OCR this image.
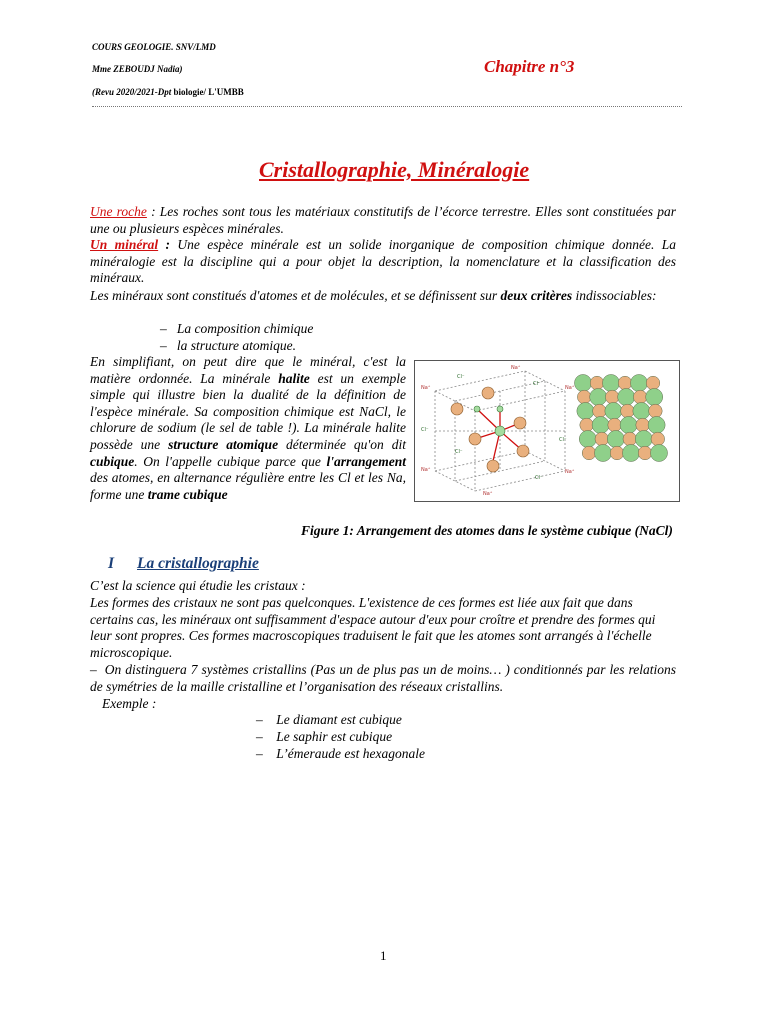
COURS GEOLOGIE. SNV/LMD
Mme ZEBOUDJ Nadia)
(Revu 2020/2021-Dpt biologie/ L'UMBB
Chapitre n°3
Cristallographie, Minéralogie
Une roche : Les roches sont tous les matériaux constitutifs de l’écorce terrestre. Elles sont constituées par une ou plusieurs espèces minérales.
Un minéral : Une espèce minérale est un solide inorganique de composition chimique donnée. La minéralogie est la discipline qui a pour objet la description, la nomenclature et la classification des minéraux.
Les minéraux sont constitués d'atomes et de molécules, et se définissent sur deux critères indissociables:
–   La composition chimique
–   la structure atomique.
En simplifiant, on peut dire que le minéral, c'est la matière ordonnée. La minérale halite est un exemple simple qui illustre bien la dualité de la définition de l'espèce minérale. Sa composition chimique est NaCl, le chlorure de sodium (le sel de table !). La minérale halite possède une structure atomique déterminée qu'on dit cubique. On l'appelle cubique parce que l'arrangement des atomes, en alternance régulière entre les Cl et les Na, forme une trame cubique
Na⁺
Na⁺
Na⁺
Na⁺	Na⁺
Na⁺
Cl⁻
Cl⁻
Cl⁻
Cl⁻
Cl⁻
Cl⁻
Figure 1: Arrangement des atomes dans le système cubique (NaCl)
I La cristallographie
C’est la science qui étudie les cristaux :
Les formes des cristaux ne sont pas quelconques. L'existence de ces formes est liée aux fait que dans certains cas, les minéraux ont suffisamment d'espace autour d'eux pour croître et prendre des formes qui leur sont propres. Ces formes macroscopiques traduisent le fait que les atomes sont arrangés à l'échelle microscopique.
– On distinguera 7 systèmes cristallins (Pas un de plus pas un de moins… ) conditionnés par les relations de symétries de la maille cristalline et l’organisation des réseaux cristallins.
Exemple :
–    Le diamant est cubique
–    Le saphir est cubique
–    L’émeraude est hexagonale
1
